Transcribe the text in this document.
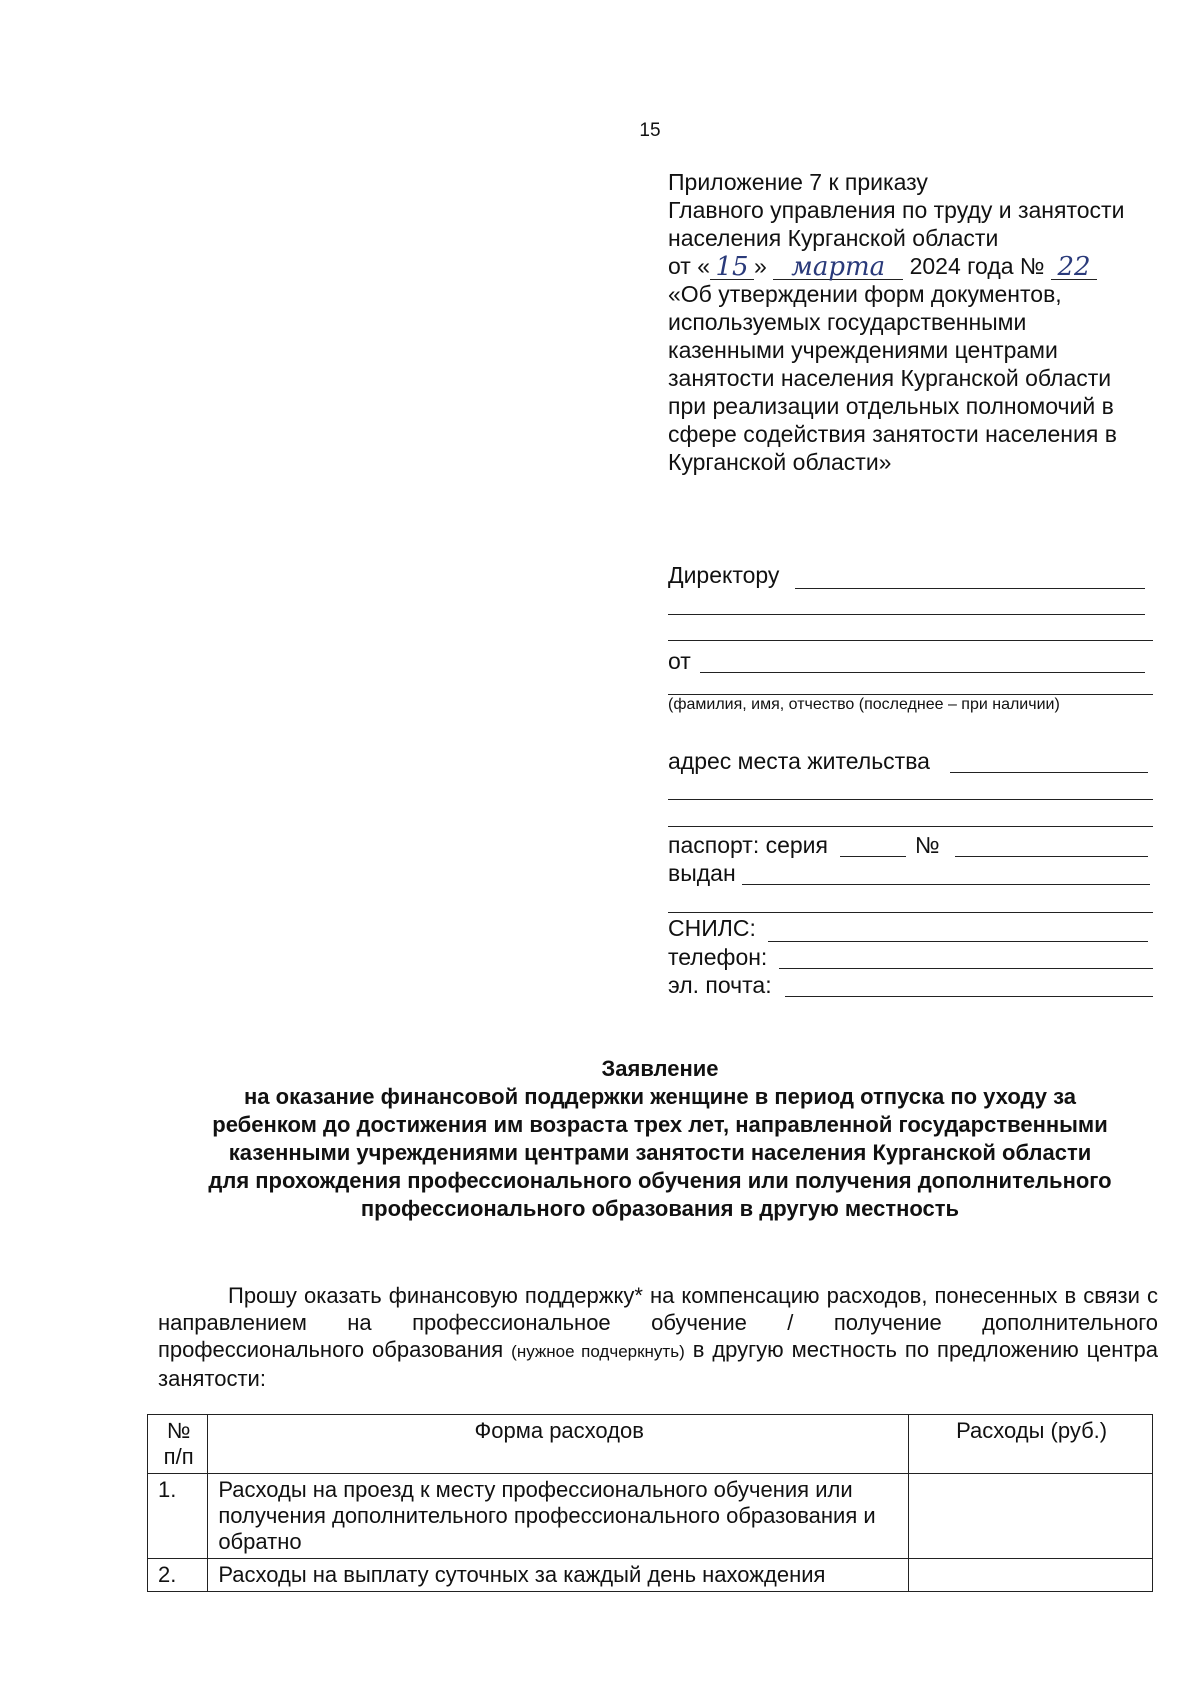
15
Приложение 7 к приказу
Главного управления по труду и занятости
населения Курганской области
от « 15 » марта 2024 года № 22
«Об утверждении форм документов,
используемых государственными
казенными учреждениями центрами
занятости населения Курганской области
при реализации отдельных полномочий в
сфере содействия занятости населения в
Курганской области»
Директору
от
(фамилия, имя, отчество (последнее – при наличии)
адрес места жительства
паспорт: серия	№
выдан
СНИЛС:
телефон:
эл. почта:
Заявление
на оказание финансовой поддержки женщине в период отпуска по уходу за
ребенком до достижения им возраста трех лет, направленной государственными
казенными учреждениями центрами занятости населения Курганской области
для прохождения профессионального обучения или получения дополнительного
профессионального образования в другую местность
Прошу оказать финансовую поддержку* на компенсацию расходов, понесенных в связи с направлением на профессиональное обучение / получение дополнительного профессионального образования (нужное подчеркнуть) в другую местность по предложению центра занятости:
№ п/п	Форма расходов	Расходы (руб.)
1.	Расходы на проезд к месту профессионального обучения или получения дополнительного профессионального образования и обратно	
2.	Расходы на выплату суточных за каждый день нахождения	
